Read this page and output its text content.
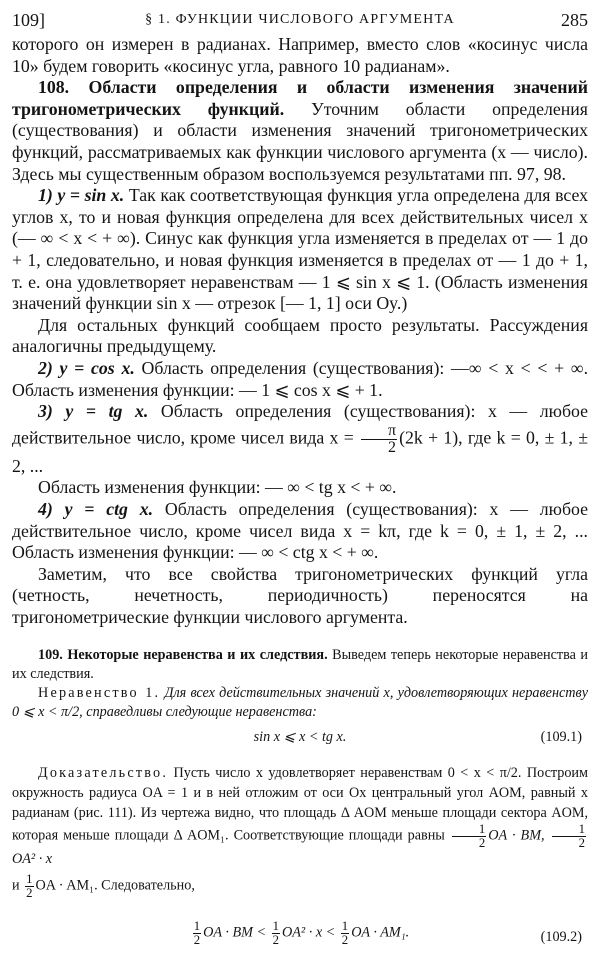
109]	§ 1. ФУНКЦИИ ЧИСЛОВОГО АРГУМЕНТА	285

которого он измерен в радианах. Например, вместо слов «косинус числа 10» будем говорить «косинус угла, равного 10 радианам».

108. Области определения и области изменения значений тригонометрических функций. Уточним области определения (существования) и области изменения значений тригонометрических функций, рассматриваемых как функции числового аргумента (x — число). Здесь мы существенным образом воспользуемся результатами пп. 97, 98.

1) y = sin x. Так как соответствующая функция угла определена для всех углов x, то и новая функция определена для всех действительных чисел x (— ∞ < x < + ∞). Синус как функция угла изменяется в пределах от — 1 до + 1, следовательно, и новая функция изменяется в пределах от — 1 до + 1, т. е. она удовлетворяет неравенствам — 1 ⩽ sin x ⩽ 1. (Область изменения значений функции sin x — отрезок [— 1, 1] оси Oy.)

Для остальных функций сообщаем просто результаты. Рассуждения аналогичны предыдущему.

2) y = cos x. Область определения (существования): —∞ < x < < + ∞. Область изменения функции: — 1 ⩽ cos x ⩽ + 1.

3) y = tg x. Область определения (существования): x — любое действительное число, кроме чисел вида $x = \frac{\pi}{2} (2k + 1)$, где k = 0, ± 1, ± 2, ...

Область изменения функции: — ∞ < tg x < + ∞.

4) y = ctg x. Область определения (существования): x — любое действительное число, кроме чисел вида x = kπ, где k = 0, ± 1, ± 2, ... Область изменения функции: — ∞ < ctg x < + ∞.

Заметим, что все свойства тригонометрических функций угла (четность, нечетность, периодичность) переносятся на тригонометрические функции числового аргумента.

109. Некоторые неравенства и их следствия. Выведем теперь некоторые неравенства и их следствия.

Неравенство 1. Для всех действительных значений x, удовлетворяющих неравенству 0 ⩽ x < π/2, справедливы следующие неравенства:

sin x ⩽ x < tg x.	(109.1)

Доказательство. Пусть число x удовлетворяет неравенствам 0 < x < π/2. Построим окружность радиуса OA = 1 и в ней отложим от оси Ox центральный угол AOM, равный x радианам (рис. 111). Из чертежа видно, что площадь Δ AOM меньше площади сектора AOM, которая меньше площади Δ AOM₁. Соответствующие площади равны $\frac{1}{2}$ OA · BM, $\frac{1}{2}$
OA² · x

и $\frac{1}{2}$ OA · AM₁. Следовательно,

$\frac{1}{2}$ OA · BM < $\frac{1}{2} OA^2 \cdot x < \frac{1}{2}$ OA · AM₁.	(109.2)
